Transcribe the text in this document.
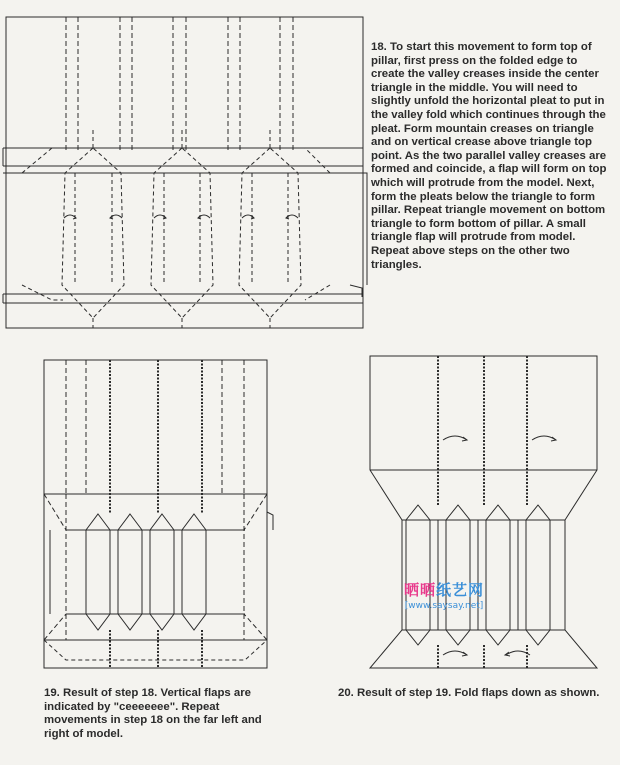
18. To start this movement to form top of pillar, first press on the folded edge to create the valley creases inside the center triangle in the middle. You will need to slightly unfold the horizontal pleat to put in the valley fold which continues through the pleat. Form mountain creases on triangle and on vertical crease above triangle top point. As the two parallel valley creases are formed and coincide, a flap will form on top which will protrude from the model. Next, form the pleats below the triangle to form pillar. Repeat triangle movement on bottom triangle to form bottom of pillar. A small triangle flap will protrude from model. Repeat above steps on the other two triangles.

晒晒纸艺网
[www.saysay.net]

19. Result of step 18. Vertical flaps are indicated by "ceeeeeee". Repeat movements in step 18 on the far left and right of model.

20. Result of step 19. Fold flaps down as shown.
